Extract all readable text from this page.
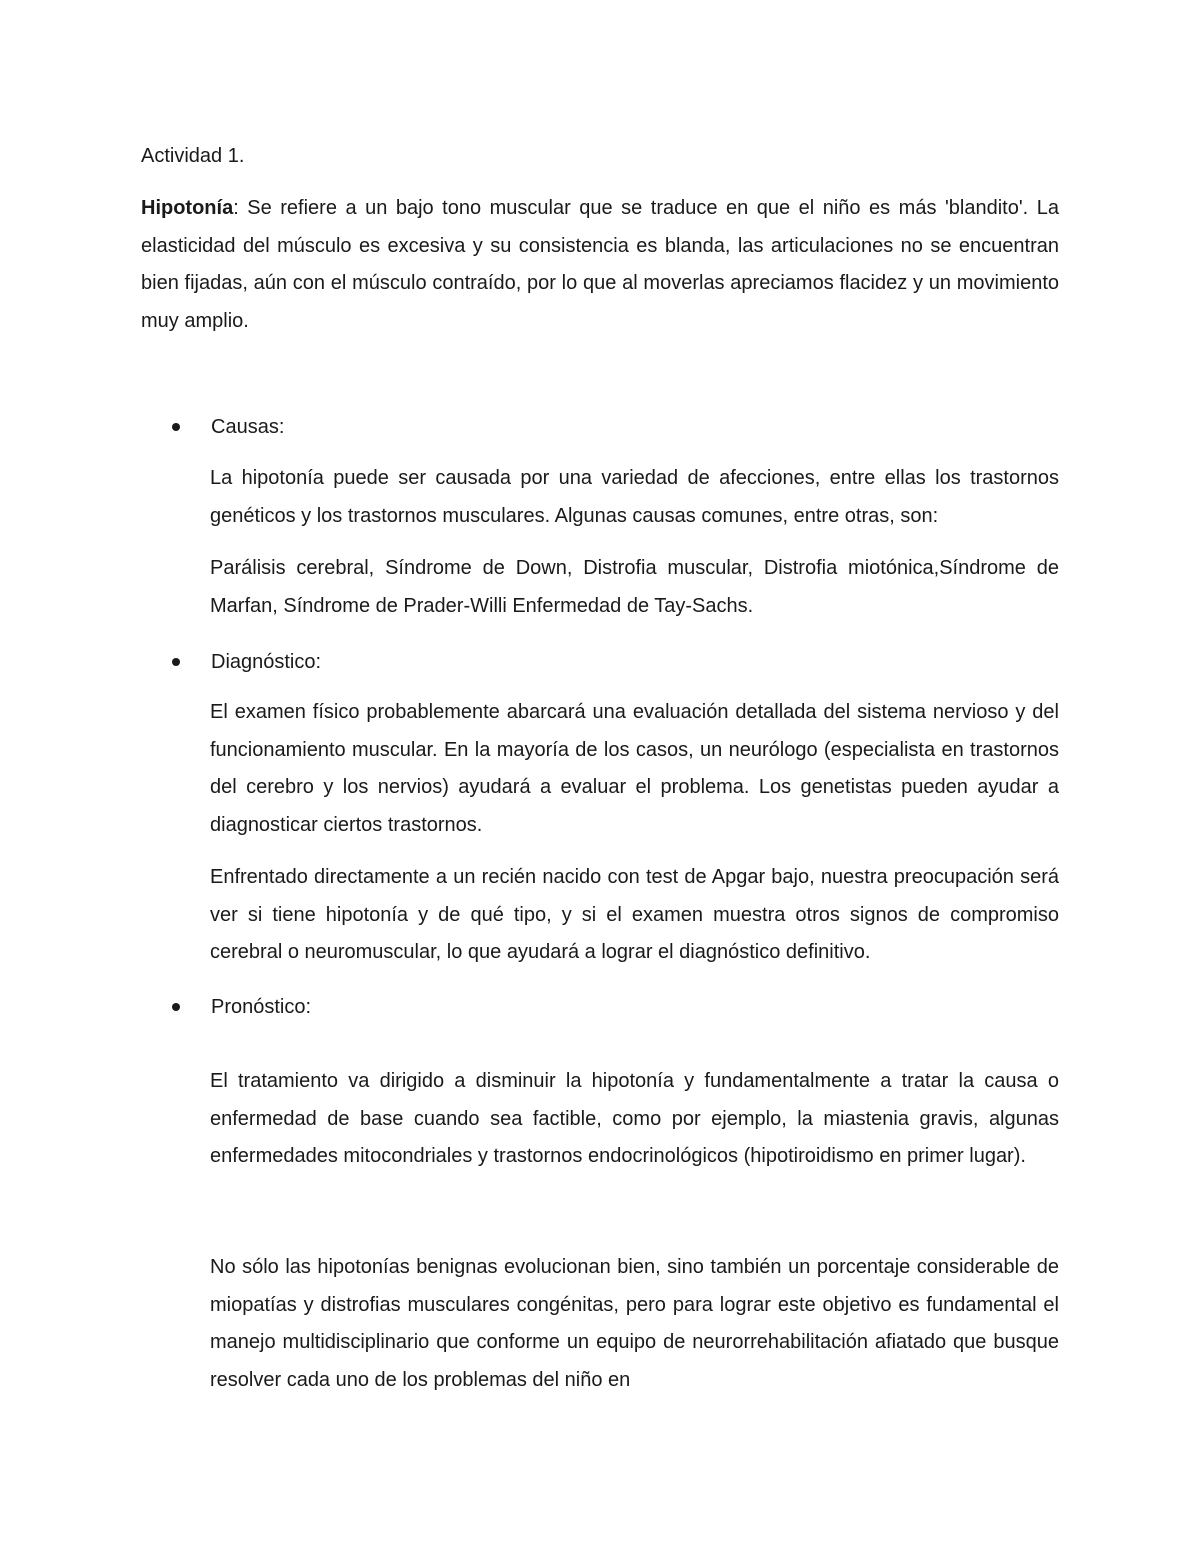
Actividad 1.
Hipotonía: Se refiere a un bajo tono muscular que se traduce en que el niño es más 'blandito'. La elasticidad del músculo es excesiva y su consistencia es blanda, las articulaciones no se encuentran bien fijadas, aún con el músculo contraído, por lo que al moverlas apreciamos flacidez y un movimiento muy amplio.
Causas:
La hipotonía puede ser causada por una variedad de afecciones, entre ellas los trastornos genéticos y los trastornos musculares. Algunas causas comunes, entre otras, son:
Parálisis cerebral, Síndrome de Down, Distrofia muscular, Distrofia miotónica,Síndrome de Marfan, Síndrome de Prader-Willi Enfermedad de Tay-Sachs.
Diagnóstico:
El examen físico probablemente abarcará una evaluación detallada del sistema nervioso y del funcionamiento muscular. En la mayoría de los casos, un neurólogo (especialista en trastornos del cerebro y los nervios) ayudará a evaluar el problema. Los genetistas pueden ayudar a diagnosticar ciertos trastornos.
Enfrentado directamente a un recién nacido con test de Apgar bajo, nuestra preocupación será ver si tiene hipotonía y de qué tipo, y si el examen muestra otros signos de compromiso cerebral o neuromuscular, lo que ayudará a lograr el diagnóstico definitivo.
Pronóstico:
El tratamiento va dirigido a disminuir la hipotonía y fundamentalmente a tratar la causa o enfermedad de base cuando sea factible, como por ejemplo, la miastenia gravis, algunas enfermedades mitocondriales y trastornos endocrinológicos (hipotiroidismo en primer lugar).
No sólo las hipotonías benignas evolucionan bien, sino también un porcentaje considerable de miopatías y distrofias musculares congénitas, pero para lograr este objetivo es fundamental el manejo multidisciplinario que conforme un equipo de neurorrehabilitación afiatado que busque resolver cada uno de los problemas del niño en
